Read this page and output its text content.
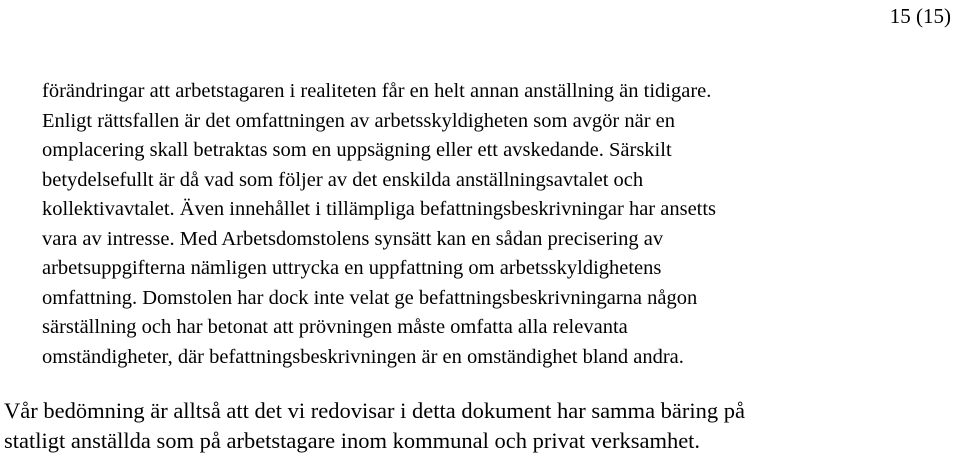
15 (15)
förändringar att arbetstagaren i realiteten får en helt annan anställning än tidigare.
Enligt rättsfallen är det omfattningen av arbetsskyldigheten som avgör när en
omplacering skall betraktas som en uppsägning eller ett avskedande. Särskilt
betydelsefullt är då vad som följer av det enskilda anställningsavtalet och
kollektivavtalet. Även innehållet i tillämpliga befattningsbeskrivningar har ansetts
vara av intresse. Med Arbetsdomstolens synsätt kan en sådan precisering av
arbetsuppgifterna nämligen uttrycka en uppfattning om arbetsskyldighetens
omfattning. Domstolen har dock inte velat ge befattningsbeskrivningarna någon
särställning och har betonat att prövningen måste omfatta alla relevanta
omständigheter, där befattningsbeskrivningen är en omständighet bland andra.
Vår bedömning är alltså att det vi redovisar i detta dokument har samma bäring på
statligt anställda som på arbetstagare inom kommunal och privat verksamhet.
